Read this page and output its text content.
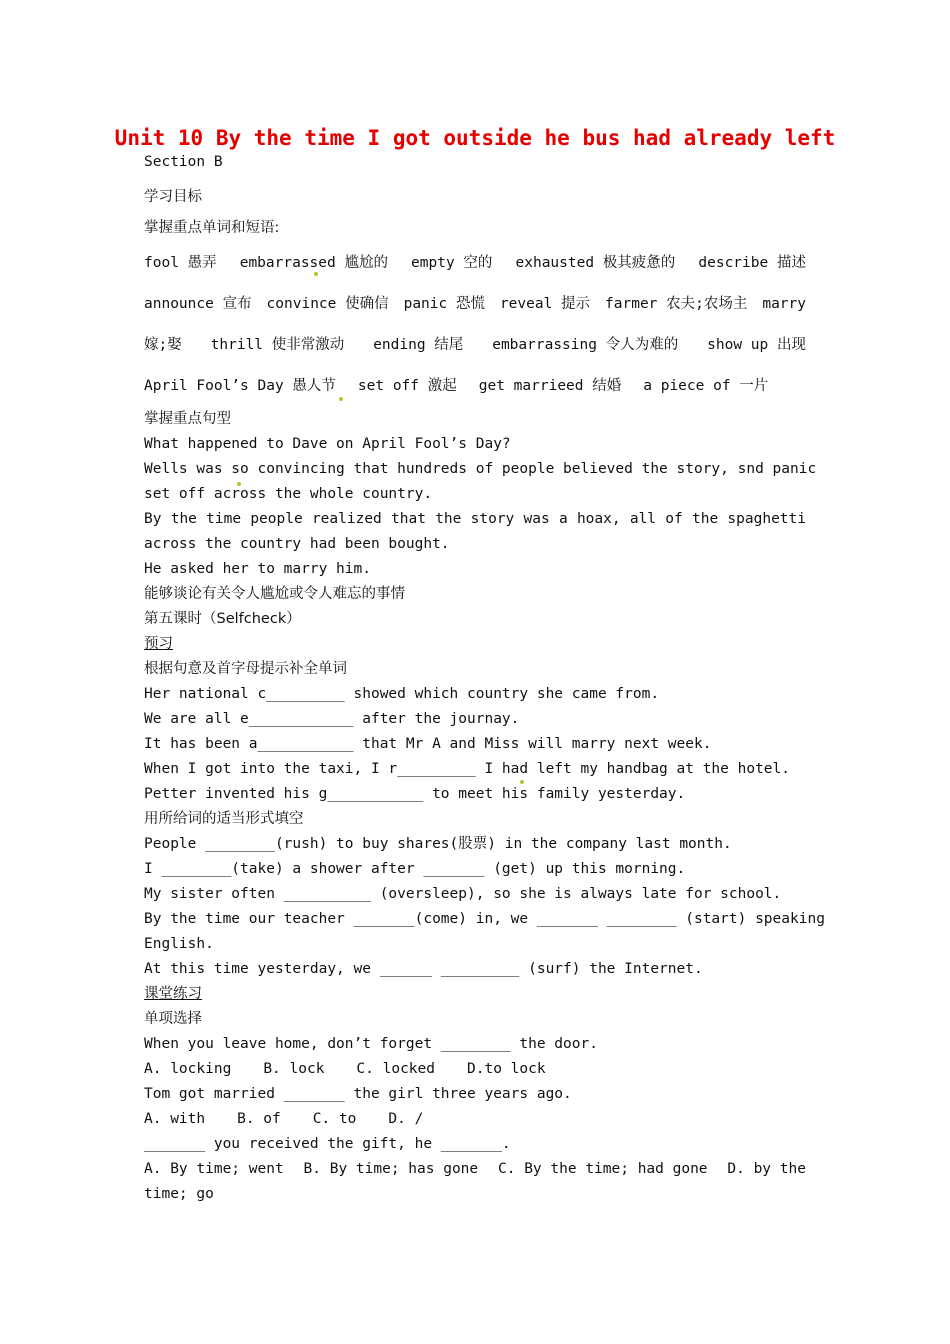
Unit 10 By the time I got outside he bus had already left
Section B
学习目标
掌握重点单词和短语:
fool 愚弄 embarrassed 尴尬的 empty 空的 exhausted 极其疲惫的 describe 描述
announce 宣布 convince 使确信 panic 恐慌 reveal 提示 farmer 农夫;农场主 marry
嫁;娶 thrill 使非常激动 ending 结尾 embarrassing 令人为难的 show up 出现
April Fool’s Day 愚人节 set off 激起 get marrieed 结婚 a piece of 一片
掌握重点句型
What happened to Dave on April Fool’s Day?
Wells was so convincing that hundreds of people believed the story, snd panic
set off across the whole country.
By the time people realized that the story was a hoax, all of the spaghetti
across the country had been bought.
He asked her to marry him.
能够谈论有关令人尴尬或令人难忘的事情
第五课时（Selfcheck）
预习
根据句意及首字母提示补全单词
Her national c_________ showed which country she came from.
We are all e____________ after the journay.
It has been a___________ that Mr A and Miss will marry next week.
When I got into the taxi, I r_________ I had left my handbag at the hotel.
Petter invented his g___________ to meet his family yesterday.
用所给词的适当形式填空
People ________(rush) to buy shares(股票) in the company last month.
I ________(take) a shower after _______ (get) up this morning.
My sister often __________ (oversleep), so she is always late for school.
By the time our teacher _______(come) in, we _______ ________ (start) speaking
English.
At this time yesterday, we ______ _________ (surf) the Internet.
课堂练习
单项选择
When you leave home, don’t forget ________ the door.
A. locking B. lock C. locked D.to lock
Tom got married _______ the girl three years ago.
A. with B. of C. to D. /
_______ you received the gift, he _______.
A. By time; went B. By time; has gone C. By the time; had gone D. by the
time; go
